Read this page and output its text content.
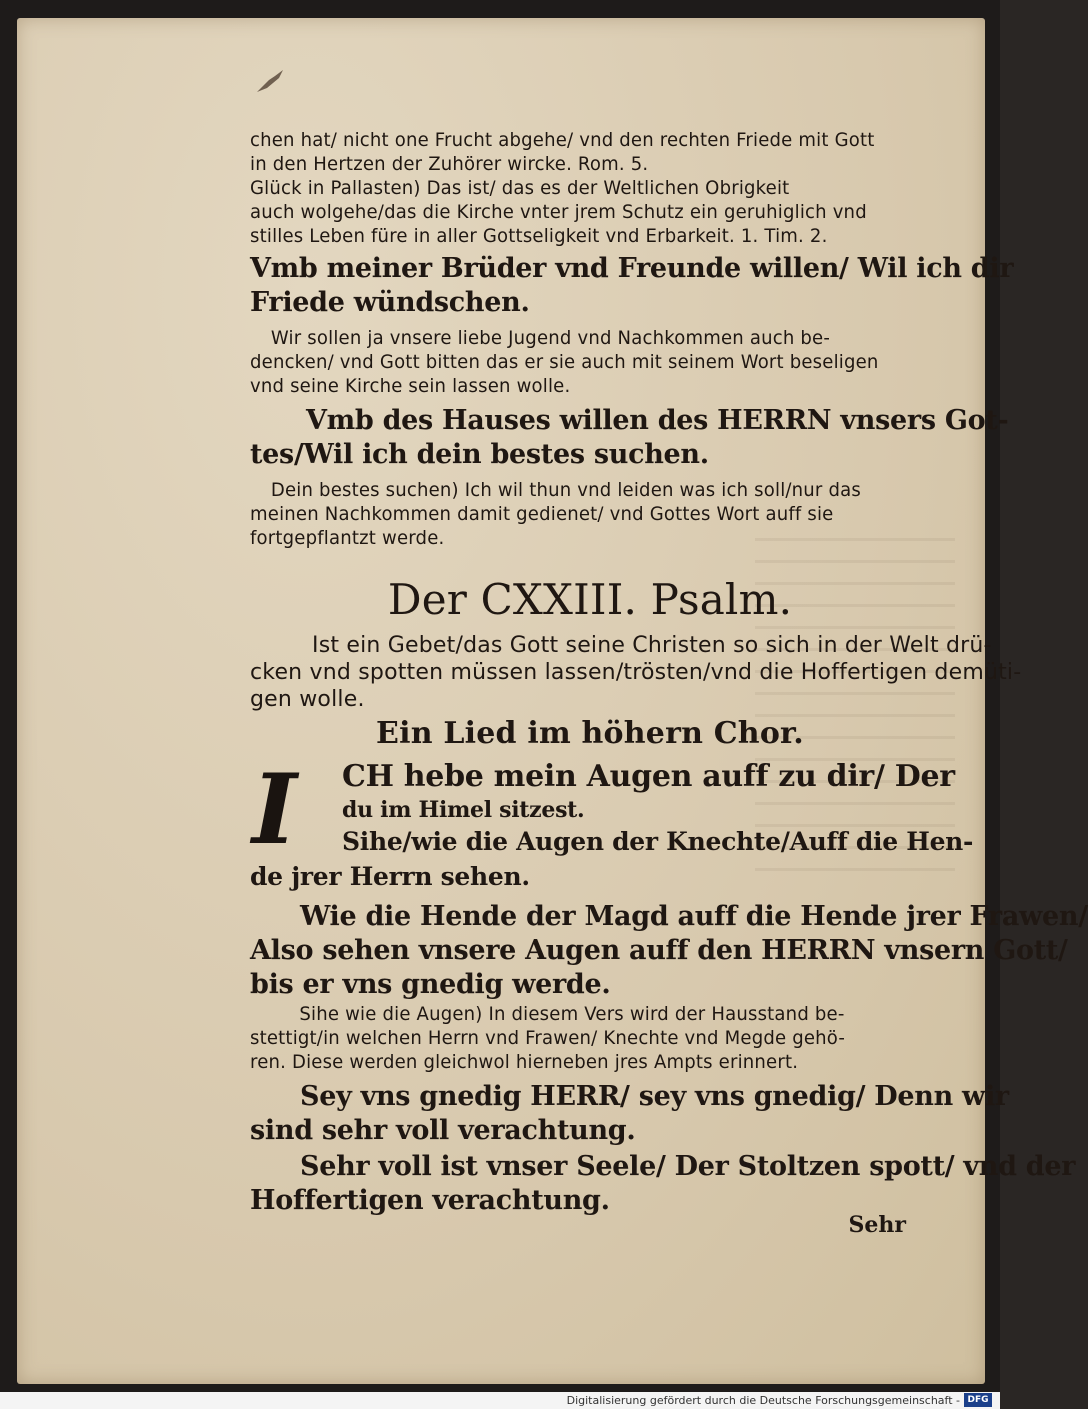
chen hat/ nicht one Frucht abgehe/ vnd den rechten Friede mit Gott
in den Hertzen der Zuhörer wircke. Rom. 5.
Glück in Pallasten) Das ist/ das es der Weltlichen Obrigkeit
auch wolgehe/das die Kirche vnter jrem Schutz ein geruhiglich vnd
stilles Leben füre in aller Gottseligkeit vnd Erbarkeit. 1. Tim. 2.
Vmb meiner Brüder vnd Freunde willen/ Wil ich dir
Friede wündschen.
Wir sollen ja vnsere liebe Jugend vnd Nachkommen auch be-
dencken/ vnd Gott bitten das er sie auch mit seinem Wort beseligen
vnd seine Kirche sein lassen wolle.
Vmb des Hauses willen des HERRN vnsers Got-
tes/Wil ich dein bestes suchen.
Dein bestes suchen) Ich wil thun vnd leiden was ich soll/nur das
meinen Nachkommen damit gedienet/ vnd Gottes Wort auff sie
fortgepflantzt werde.
Der CXXIII. Psalm.
Ist ein Gebet/das Gott seine Christen so sich in der Welt drü-
cken vnd spotten müssen lassen/trösten/vnd die Hoffertigen demüti-
gen wolle.
Ein Lied im höhern Chor.
I	CH hebe mein Augen auff zu dir/ Der
du im Himel sitzest.
Sihe/wie die Augen der Knechte/Auff die Hen-
de jrer Herrn sehen.
Wie die Hende der Magd auff die Hende jrer Frawen/
Also sehen vnsere Augen auff den HERRN vnsern Gott/
bis er vns gnedig werde.
Sihe wie die Augen) In diesem Vers wird der Hausstand be-
stettigt/in welchen Herrn vnd Frawen/ Knechte vnd Megde gehö-
ren. Diese werden gleichwol hierneben jres Ampts erinnert.
Sey vns gnedig HERR/ sey vns gnedig/ Denn wir
sind sehr voll verachtung.
Sehr voll ist vnser Seele/ Der Stoltzen spott/ vnd der
Hoffertigen verachtung.
Sehr
Digitalisierung gefördert durch die Deutsche Forschungsgemeinschaft - DFG
